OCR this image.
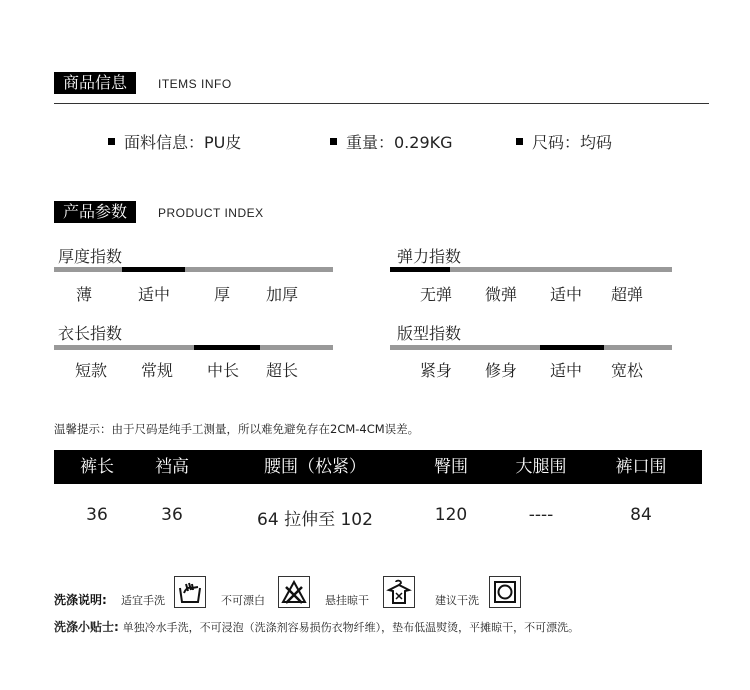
商品信息	ITEMS INFO
面料信息：PU皮	重量：0.29KG	尺码：均码
产品参数	PRODUCT INDEX
厚度指数
薄	适中	厚 加厚
弹力指数
无弹 微弹 适中 超弹
衣长指数
短款 常规 中长 超长
版型指数
紧身 修身 适中 宽松
温馨提示：由于尺码是纯手工测量，所以难免避免存在2CM-4CM误差。
裤长 裆高	腰围（松紧）	臀围	大腿围	裤口围
36	36	64 拉伸至 102	120	----	84
洗涤说明: 适宜手洗	不可漂白	悬挂晾干	建议干洗
洗涤小贴士: 单独冷水手洗，不可浸泡（洗涤剂容易损伤衣物纤维），垫布低温熨烫，平摊晾干，不可漂洗。
